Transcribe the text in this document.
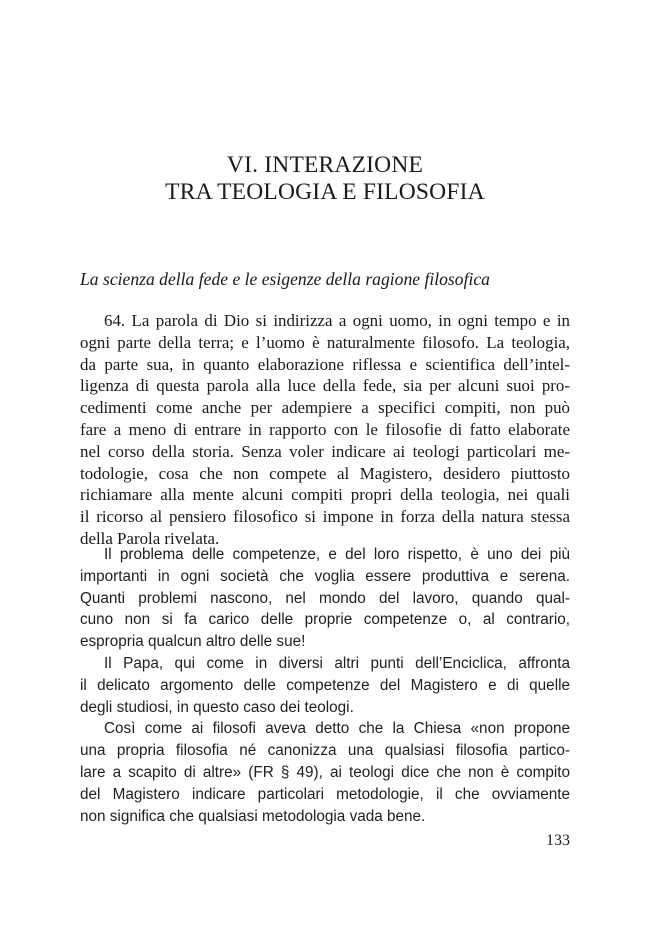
VI. INTERAZIONE
TRA TEOLOGIA E FILOSOFIA
La scienza della fede e le esigenze della ragione filosofica
64. La parola di Dio si indirizza a ogni uomo, in ogni tempo e in
ogni parte della terra; e l’uomo è naturalmente filosofo. La teologia,
da parte sua, in quanto elaborazione riflessa e scientifica dell’intel-
ligenza di questa parola alla luce della fede, sia per alcuni suoi pro-
cedimenti come anche per adempiere a specifici compiti, non può
fare a meno di entrare in rapporto con le filosofie di fatto elaborate
nel corso della storia. Senza voler indicare ai teologi particolari me-
todologie, cosa che non compete al Magistero, desidero piuttosto
richiamare alla mente alcuni compiti propri della teologia, nei quali
il ricorso al pensiero filosofico si impone in forza della natura stessa
della Parola rivelata.
Il problema delle competenze, e del loro rispetto, è uno dei più
importanti in ogni società che voglia essere produttiva e serena.
Quanti problemi nascono, nel mondo del lavoro, quando qual-
cuno non si fa carico delle proprie competenze o, al contrario,
espropria qualcun altro delle sue!
Il Papa, qui come in diversi altri punti dell’Enciclica, affronta
il delicato argomento delle competenze del Magistero e di quelle
degli studiosi, in questo caso dei teologi.
Così come ai filosofi aveva detto che la Chiesa «non propone
una propria filosofia né canonizza una qualsiasi filosofia partico-
lare a scapito di altre» (FR § 49), ai teologi dice che non è compito
del Magistero indicare particolari metodologie, il che ovviamente
non significa che qualsiasi metodologia vada bene.
133
